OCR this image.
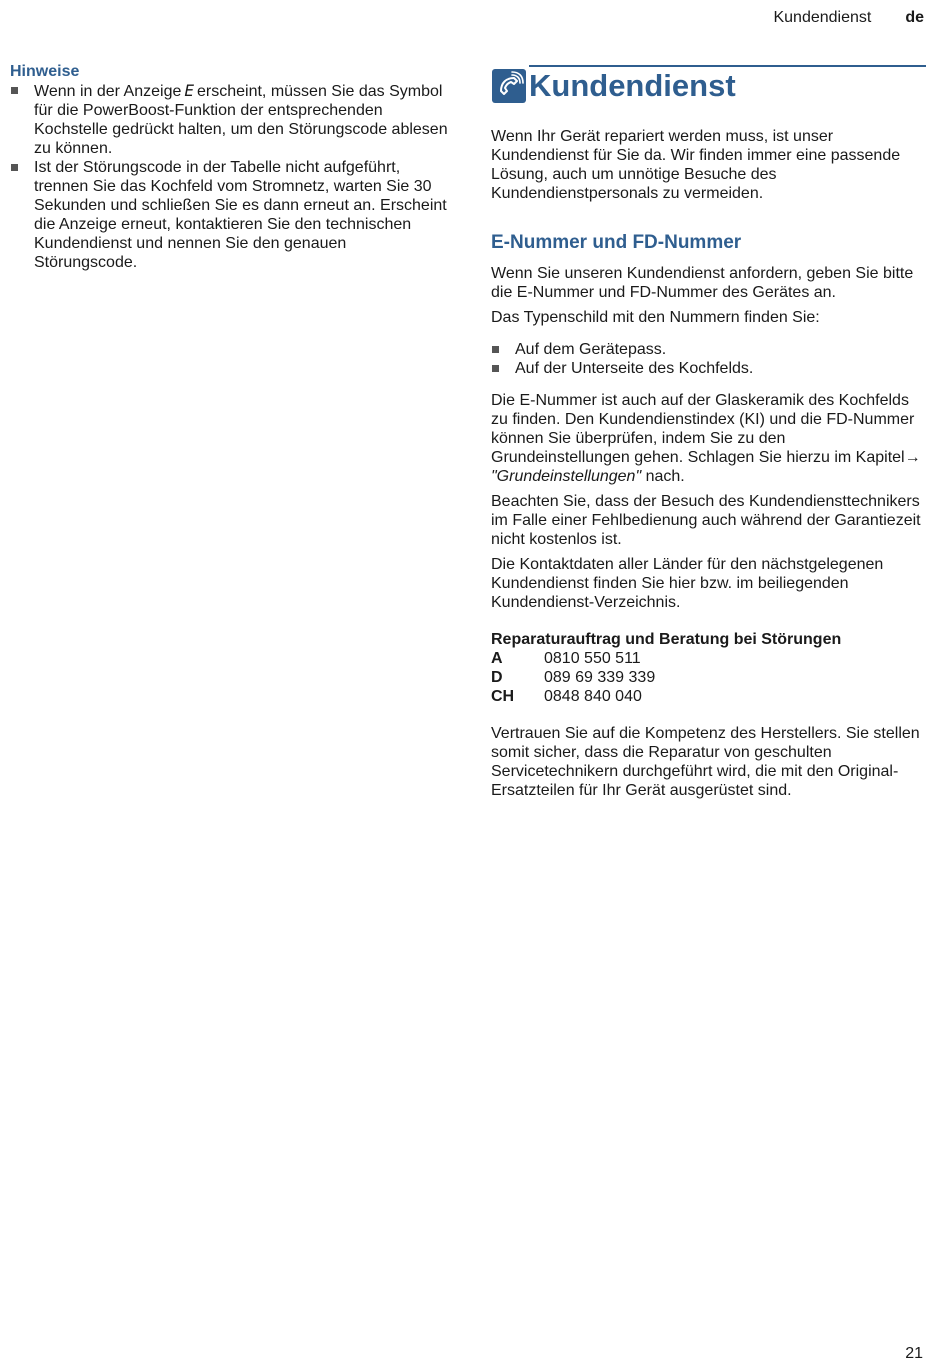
Kundendienst de

Hinweise

Wenn in der Anzeige E erscheint, müssen Sie das Symbol für die PowerBoost-Funktion der entsprechenden Kochstelle gedrückt halten, um den Störungscode ablesen zu können.
Ist der Störungscode in der Tabelle nicht aufgeführt, trennen Sie das Kochfeld vom Stromnetz, warten Sie 30 Sekunden und schließen Sie es dann erneut an. Erscheint die Anzeige erneut, kontaktieren Sie den technischen Kundendienst und nennen Sie den genauen Störungscode.
Kundendienst

Wenn Ihr Gerät repariert werden muss, ist unser Kundendienst für Sie da. Wir finden immer eine passende Lösung, auch um unnötige Besuche des Kundendienstpersonals zu vermeiden.

E-Nummer und FD-Nummer

Wenn Sie unseren Kundendienst anfordern, geben Sie bitte die E-Nummer und FD-Nummer des Gerätes an.

Das Typenschild mit den Nummern finden Sie:

Auf dem Gerätepass.
Auf der Unterseite des Kochfelds.

Die E-Nummer ist auch auf der Glaskeramik des Kochfelds zu finden. Den Kundendienstindex (KI) und die FD-Nummer können Sie überprüfen, indem Sie zu den Grundeinstellungen gehen. Schlagen Sie hierzu im Kapitel→ "Grundeinstellungen" nach.

Beachten Sie, dass der Besuch des Kundendiensttechnikers im Falle einer Fehlbedienung auch während der Garantiezeit nicht kostenlos ist.

Die Kontaktdaten aller Länder für den nächstgelegenen Kundendienst finden Sie hier bzw. im beiliegenden Kundendienst-Verzeichnis.

Reparaturauftrag und Beratung bei Störungen
A	0810 550 511
D	089 69 339 339
CH	0848 840 040

Vertrauen Sie auf die Kompetenz des Herstellers. Sie stellen somit sicher, dass die Reparatur von geschulten Servicetechnikern durchgeführt wird, die mit den Original-Ersatzteilen für Ihr Gerät ausgerüstet sind.

21
